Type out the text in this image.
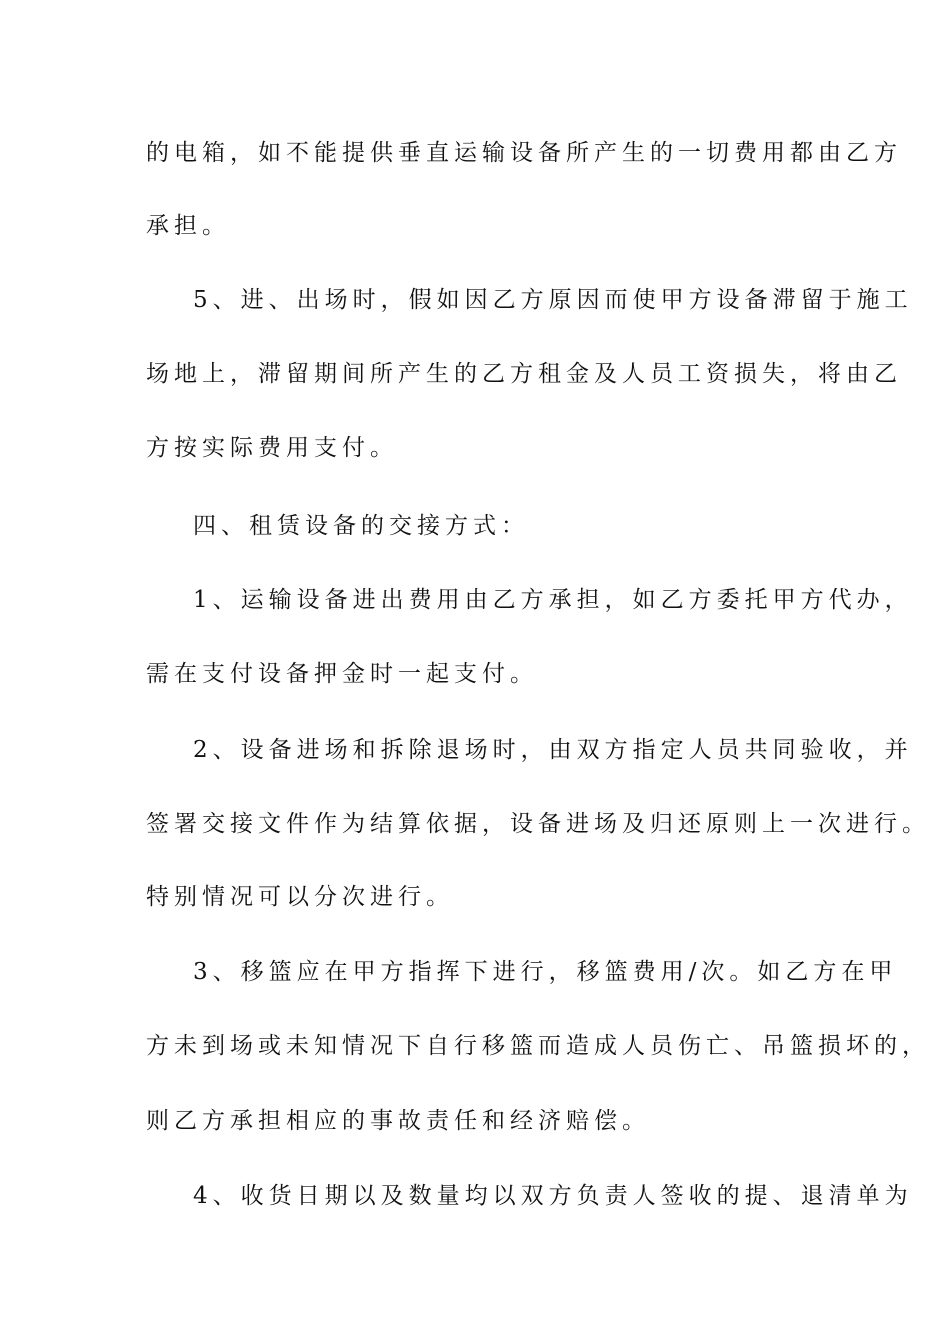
的电箱，如不能提供垂直运输设备所产生的一切费用都由乙方
承担。
5、进、出场时，假如因乙方原因而使甲方设备滞留于施工
场地上，滞留期间所产生的乙方租金及人员工资损失，将由乙
方按实际费用支付。
四、租赁设备的交接方式：
1、运输设备进出费用由乙方承担，如乙方委托甲方代办，
需在支付设备押金时一起支付。
2、设备进场和拆除退场时，由双方指定人员共同验收，并
签署交接文件作为结算依据，设备进场及归还原则上一次进行。
特别情况可以分次进行。
3、移篮应在甲方指挥下进行，移篮费用/次。如乙方在甲
方未到场或未知情况下自行移篮而造成人员伤亡、吊篮损坏的，
则乙方承担相应的事故责任和经济赔偿。
4、收货日期以及数量均以双方负责人签收的提、退清单为
